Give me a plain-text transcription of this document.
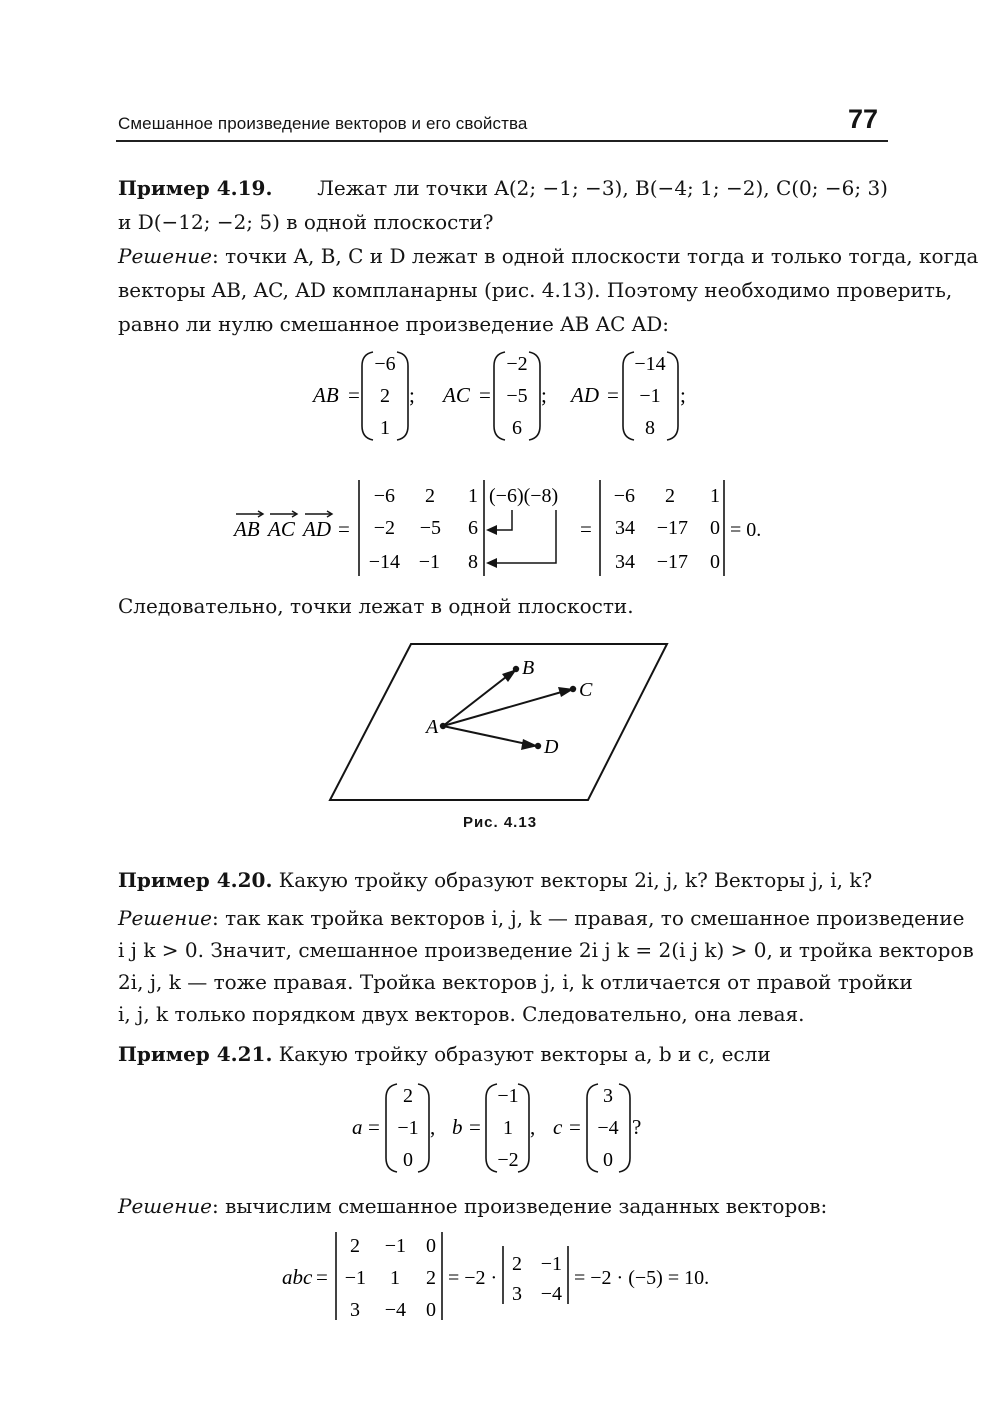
Смешанное произведение векторов и его свойства	77
Пример 4.19. Лежат ли точки A(2; −1; −3), B(−4; 1; −2), C(0; −6; 3)
и D(−12; −2; 5) в одной плоскости?
Решение: точки A, B, C и D лежат в одной плоскости тогда и только тогда, когда
векторы AB, AC, AD компланарны (рис. 4.13). Поэтому необходимо проверить,
равно ли нулю смешанное произведение AB AC AD:
AB	AC	AD
=	=	=
;	;	;
−6
2
1
−2
−5
6
−14
−1
8
AB AC AD =
−6 2 1
−2 −5 6
−14 −1 8
(−6)(−8)
=
−6 2 1
34 −17 0
34 −17 0
= 0.
Следовательно, точки лежат в одной плоскости.
A
B
C
D
Рис. 4.13
Пример 4.20. Какую тройку образуют векторы 2i, j, k? Векторы j, i, k?
Решение: так как тройка векторов i, j, k — правая, то смешанное произведение
i j k > 0. Значит, смешанное произведение 2i j k = 2(i j k) > 0, и тройка векторов
2i, j, k — тоже правая. Тройка векторов j, i, k отличается от правой тройки
i, j, k только порядком двух векторов. Следовательно, она левая.
Пример 4.21. Какую тройку образуют векторы a, b и c, если
a	b	c
=	=	=
,	,	?
2
−1
0
−1
1
−2
3
−4
0
Решение: вычислим смешанное произведение заданных векторов:
abc =
2 −1 0
−1 1 2
3 −4 0
= −2 ·
2 −1
3 −4
= −2 · (−5) = 10.
